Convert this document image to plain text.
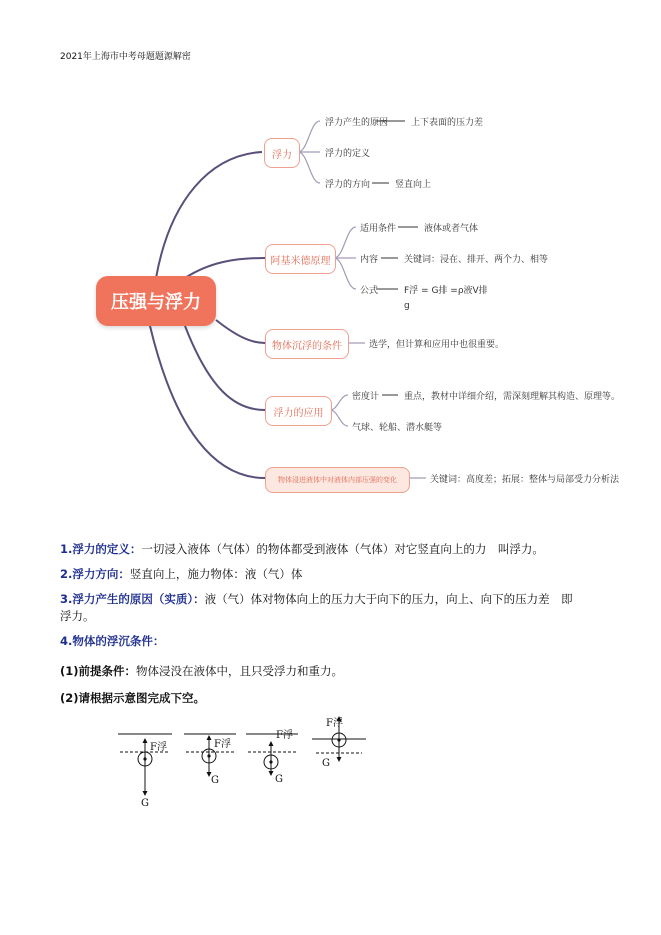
2021年上海市中考母题题源解密
压强与浮力
浮力
阿基米德原理
物体沉浮的条件
浮力的应用
物体浸进液体中对液体内部压强的变化
浮力产生的原因	上下表面的压力差
浮力的定义
浮力的方向	竖直向上
适用条件	液体或者气体
内容	关键词：浸在、排开、两个力、相等
公式	F浮 = G排 =ρ液V排
g
选学，但计算和应用中也很重要。
密度计	重点，教材中详细介绍，需深刻理解其构造、原理等。
气球、轮船、潜水艇等
关键词：高度差；拓展：整体与局部受力分析法
1.浮力的定义：一切浸入液体（气体）的物体都受到液体（气体）对它竖直向上的力　叫浮力。
2.浮力方向：竖直向上，施力物体：液（气）体
3.浮力产生的原因（实质）：液（气）体对物体向上的压力大于向下的压力，向上、向下的压力差　即
浮力。
4.物体的浮沉条件：
(1)前提条件：物体浸没在液体中，且只受浮力和重力。
(2)请根据示意图完成下空。
F浮
G
F浮
G
F浮
G
F浮
G
